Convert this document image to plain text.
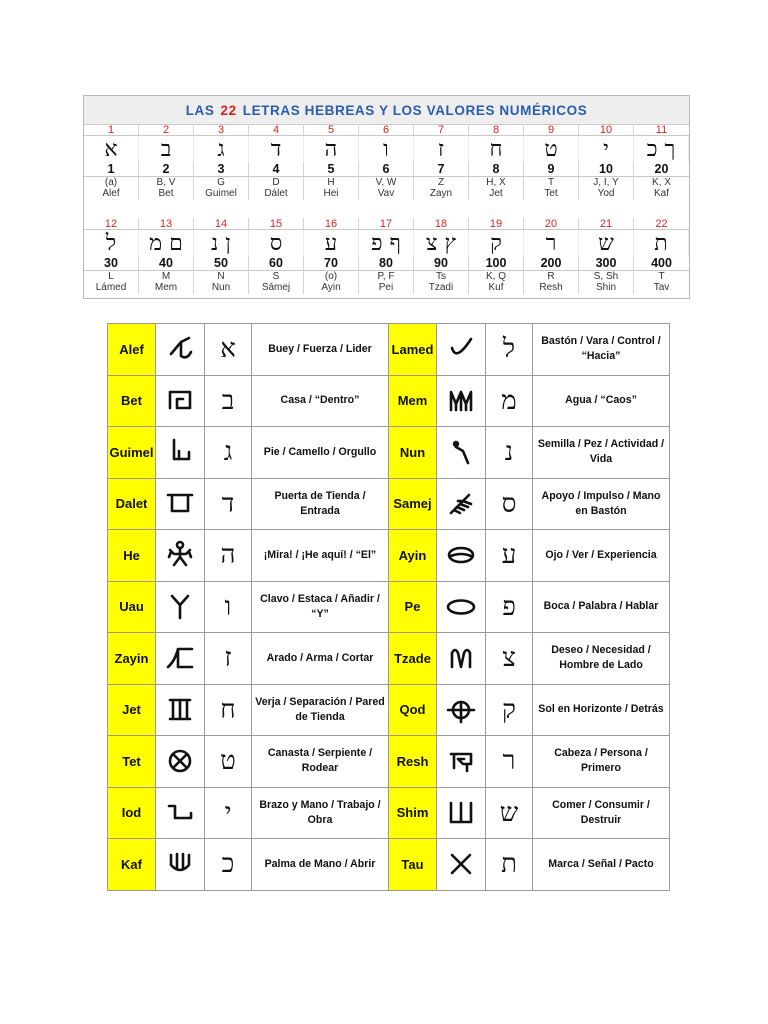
LAS 22 LETRAS HEBREAS Y LOS VALORES NUMÉRICOS
1	2	3	4	5	6	7	8	9	10	11
א	ב	ג	ד	ה	ו	ז	ח	ט	י	ך כ
1	2	3	4	5	6	7	8	9	10	20
(a)	B, V	G	D	H	V, W	Z	H, X	T	J, I, Y	K, X
Alef	Bet	Guimel	Dálet	Hei	Vav	Zayn	Jet	Tet	Yod	Kaf
12	13	14	15	16	17	18	19	20	21	22
ל	ם מ	ן נ	ס	ע	ף פ	ץ צ	ק	ר	ש	ת
30	40	50	60	70	80	90	100	200	300	400
L	M	N	S	(o)	P, F	Ts	K, Q	R	S, Sh	T
Lámed	Mem	Nun	Sámej	Ayin	Pei	Tzadi	Kuf	Resh	Shin	Tav
Alef		א	Buey / Fuerza / Lider	Lamed		ל	Bastón / Vara / Control / “Hacia”
Bet		ב	Casa / “Dentro”	Mem		מ	Agua / “Caos”
Guimel		ג	Pie / Camello / Orgullo	Nun		נ	Semilla / Pez / Actividad / Vida
Dalet		ד	Puerta de Tienda / Entrada	Samej		ס	Apoyo / Impulso / Mano en Bastón
He		ה	¡Mira! / ¡He aquí! / “El”	Ayin		ע	Ojo / Ver / Experiencia
Uau		ו	Clavo / Estaca / Añadir / “Y”	Pe		פ	Boca / Palabra / Hablar
Zayin		ז	Arado / Arma / Cortar	Tzade		צ	Deseo / Necesidad / Hombre de Lado
Jet		ח	Verja / Separación / Pared de Tienda	Qod		ק	Sol en Horizonte / Detrás
Tet		ט	Canasta / Serpiente / Rodear	Resh		ר	Cabeza / Persona / Primero
Iod		י	Brazo y Mano / Trabajo / Obra	Shim		ש	Comer / Consumir / Destruir
Kaf		כ	Palma de Mano / Abrir	Tau		ת	Marca / Señal / Pacto
